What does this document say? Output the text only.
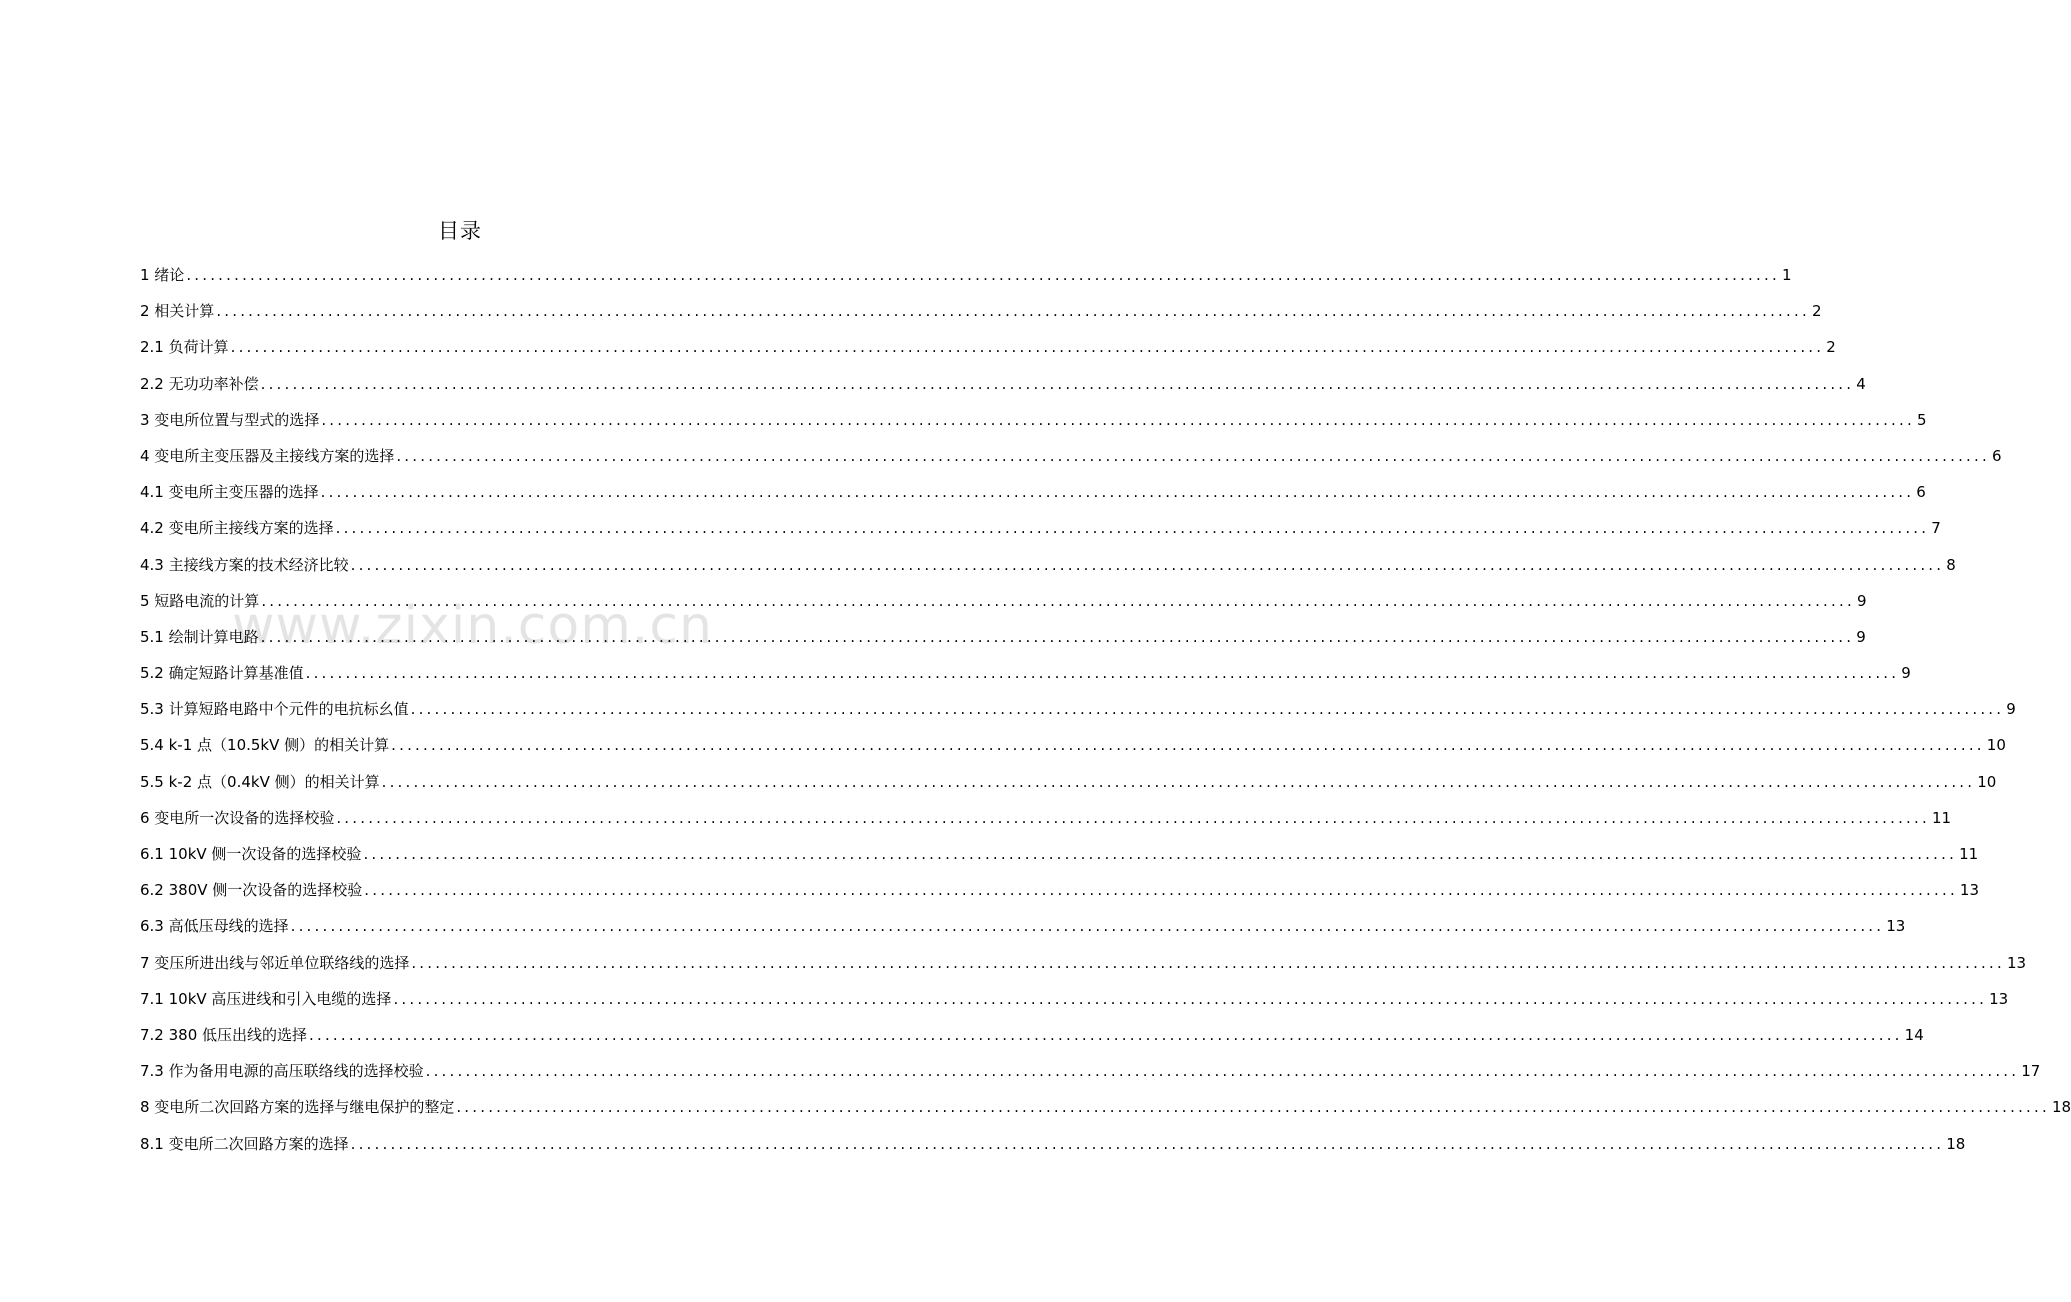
目录
1 绪论 ........................................................................................................................................................................................................ 1
2 相关计算 ........................................................................................................................................................................................................ 2
2.1 负荷计算 ........................................................................................................................................................................................................ 2
2.2 无功功率补偿 ........................................................................................................................................................................................................ 4
3 变电所位置与型式的选择 ........................................................................................................................................................................................................ 5
4 变电所主变压器及主接线方案的选择 ........................................................................................................................................................................................................ 6
4.1 变电所主变压器的选择 ........................................................................................................................................................................................................ 6
4.2 变电所主接线方案的选择 ........................................................................................................................................................................................................ 7
4.3 主接线方案的技术经济比较 ........................................................................................................................................................................................................ 8
5 短路电流的计算 ........................................................................................................................................................................................................ 9
5.1 绘制计算电路 ........................................................................................................................................................................................................ 9
5.2 确定短路计算基准值 ........................................................................................................................................................................................................ 9
5.3 计算短路电路中个元件的电抗标幺值 ........................................................................................................................................................................................................ 9
5.4 k-1 点（10.5kV 侧）的相关计算 ........................................................................................................................................................................................................ 10
5.5 k-2 点（0.4kV 侧）的相关计算 ........................................................................................................................................................................................................ 10
6 变电所一次设备的选择校验 ........................................................................................................................................................................................................ 11
6.1 10kV 侧一次设备的选择校验 ........................................................................................................................................................................................................ 11
6.2 380V 侧一次设备的选择校验 ........................................................................................................................................................................................................ 13
6.3 高低压母线的选择 ........................................................................................................................................................................................................ 13
7 变压所进出线与邻近单位联络线的选择 ........................................................................................................................................................................................................ 13
7.1 10kV 高压进线和引入电缆的选择 ........................................................................................................................................................................................................ 13
7.2 380 低压出线的选择 ........................................................................................................................................................................................................ 14
7.3 作为备用电源的高压联络线的选择校验 ........................................................................................................................................................................................................ 17
8 变电所二次回路方案的选择与继电保护的整定 ........................................................................................................................................................................................................ 18
8.1 变电所二次回路方案的选择 ........................................................................................................................................................................................................ 18
www.zixin.com.cn
